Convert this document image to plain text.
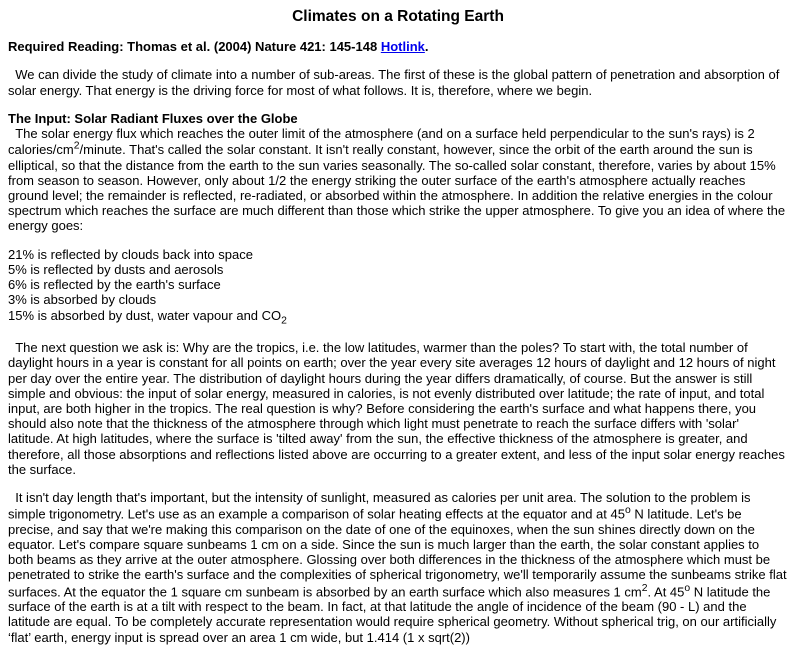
Climates on a Rotating Earth

Required Reading: Thomas et al. (2004) Nature 421: 145-148 Hotlink.

We can divide the study of climate into a number of sub-areas. The first of these is the global pattern of penetration and absorption of solar energy. That energy is the driving force for most of what follows. It is, therefore, where we begin.

The Input: Solar Radiant Fluxes over the Globe
The solar energy flux which reaches the outer limit of the atmosphere (and on a surface held perpendicular to the sun's rays) is 2 calories/$cm^2$/minute. That's called the solar constant. It isn't really constant, however, since the orbit of the earth around the sun is elliptical, so that the distance from the earth to the sun varies seasonally. The so-called solar constant, therefore, varies by about 15% from season to season. However, only about 1/2 the energy striking the outer surface of the earth's atmosphere actually reaches ground level; the remainder is reflected, re-radiated, or absorbed within the atmosphere. In addition the relative energies in the colour spectrum which reaches the surface are much different than those which strike the upper atmosphere. To give you an idea of where the energy goes:

21% is reflected by clouds back into space
5% is reflected by dusts and aerosols
6% is reflected by the earth's surface
3% is absorbed by clouds
15% is absorbed by dust, water vapour and $CO_2$

The next question we ask is: Why are the tropics, i.e. the low latitudes, warmer than the poles? To start with, the total number of daylight hours in a year is constant for all points on earth; over the year every site averages 12 hours of daylight and 12 hours of night per day over the entire year. The distribution of daylight hours during the year differs dramatically, of course. But the answer is still simple and obvious: the input of solar energy, measured in calories, is not evenly distributed over latitude; the rate of input, and total input, are both higher in the tropics. The real question is why? Before considering the earth's surface and what happens there, you should also note that the thickness of the atmosphere through which light must penetrate to reach the surface differs with 'solar' latitude. At high latitudes, where the surface is 'tilted away' from the sun, the effective thickness of the atmosphere is greater, and therefore, all those absorptions and reflections listed above are occurring to a greater extent, and less of the input solar energy reaches the surface.

It isn't day length that's important, but the intensity of sunlight, measured as calories per unit area. The solution to the problem is simple trigonometry. Let's use as an example a comparison of solar heating effects at the equator and at 45$^o$ N latitude. Let's be precise, and say that we're making this comparison on the date of one of the equinoxes, when the sun shines directly down on the equator. Let's compare square sunbeams 1 cm on a side. Since the sun is much larger than the earth, the solar constant applies to both beams as they arrive at the outer atmosphere. Glossing over both differences in the thickness of the atmosphere which must be penetrated to strike the earth's surface and the complexities of spherical trigonometry, we'll temporarily assume the sunbeams strike flat surfaces. At the equator the 1 square cm sunbeam is absorbed by an earth surface which also measures 1 $cm^2$. At 45$^o$ N latitude the surface of the earth is at a tilt with respect to the beam. In fact, at that latitude the angle of incidence of the beam (90 - L) and the latitude are equal. To be completely accurate representation would require spherical geometry. Without spherical trig, on our artificially ‘flat’ earth, energy input is spread over an area 1 cm wide, but 1.414 (1 x sqrt(2))
